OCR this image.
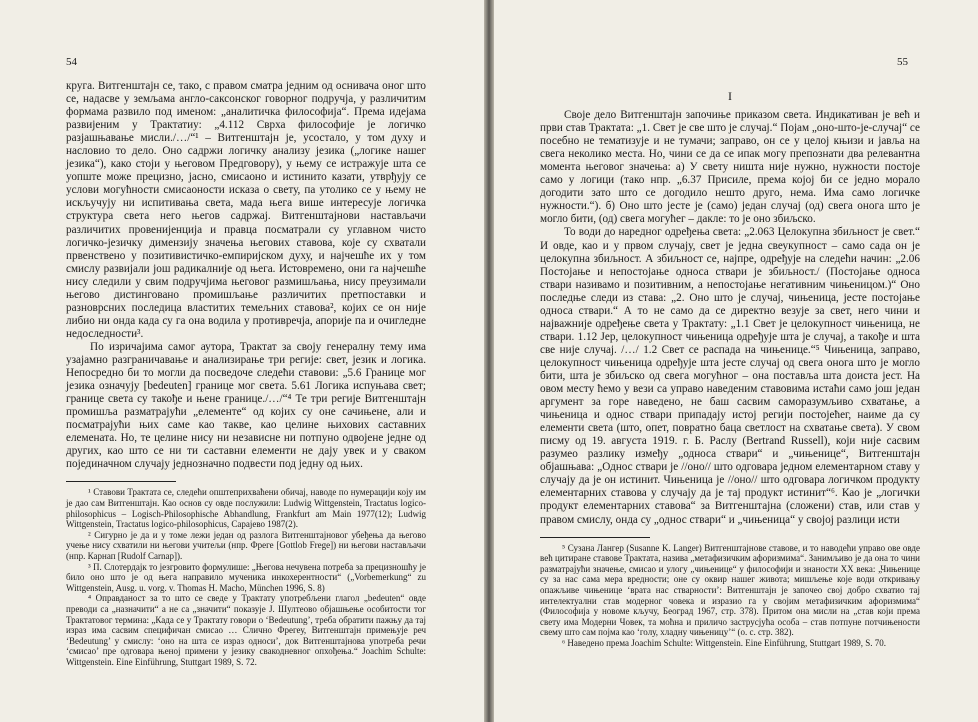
54

круга. Витгенштајн се, тако, с правом сматра једним од оснивача оног што се, надасве у земљама англо-саксонског говорног подручја, у различитим формама развило под именом: „аналитичка философија“. Према идејама развијеним у Трактатиу: „4.112 Сврха философије је логичко разјашњавање мисли./…/“¹ – Витгенштајн је, усостало, у том духу и насловио то дело. Оно садржи логичку анализу језика („логике нашег језика“), како стоји у његовом Предговору), у њему се истражује шта се уопште може прецизно, јасно, смисаоно и истинито казати, утврђују се услови могућности смисаоности исказа о свету, па утолико се у њему не искључују ни испитивања света, мада њега више интересује логичка структура света него његов садржај. Витгенштајнови настављачи различитих провенијенција и правца посматрали су углавном чисто логичко-језичку димензију значења његових ставова, које су схватали првенствено у позитивистичко-емпиријском духу, и најчешће их у том смислу развијали још радикалније од њега. Истовремено, они га најчешће нису следили у свим подручјима његовог размишљања, нису преузимали његово дистинговано промишљање различитих претпоставки и разноврсних последица властитих темељних ставова², којих се он није либио ни онда када су га она водила у противречја, апорије па и очигледне недоследности³.

По изричајима самог аутора, Трактат за своју генералну тему има узајамно разграничавање и анализирање три регије: свет, језик и логика. Непосредно би то могли да посведоче следећи ставови: „5.6 Границе мог језика означују [bedeuten] границе мог света. 5.61 Логика испуњава свет; границе света су такође и њене границе./…/“⁴ Те три регије Витгенштајн промишља разматрајући „елементе“ од којих су оне сачињене, али и посматрајући њих саме као такве, као целине њихових саставних елемената. Но, те целине нису ни независне ни потпуно одвојене једне од других, као што се ни ти саставни елементи не дају увек и у сваком појединачном случају једнозначно подвести под једну од њих.

¹ Ставови Трактата се, следећи општеприхваћени обичај, наводе по нумерацији коју им је дао сам Витгенштајн. Као основ су овде послужили: Ludwig Wittgenstein, Tractatus logico-philosophicus – Logisch-Philosophische Abhandlung, Frankfurt am Main 1977(12); Ludwig Wittgenstein, Tractatus logico-philosophicus, Сарајево 1987(2).

² Сигурно је да и у томе лежи један од разлога Витгенштајновог убеђења да његово учење нису схватили ни његови учитељи (нпр. Фреге [Gottlob Frege]) ни његови настављачи (нпр. Карнап [Rudolf Carnap]).

³ П. Слотердајк то језгровито формулише: „Његова нечувена потреба за прецизношћу је било оно што је од њега направило мученика инкохерентности“ („Vorbemerkung“ zu Wittgenstein, Ausg. u. vorg. v. Thomas H. Macho, München 1996, S. 8)

⁴ Оправданост за то што се сведе у Трактату употребљени глагол „bedeuten“ овде преводи са „назначити“ а не са „значити“ показује Ј. Шултеово објашњење особитости тог Трактатовог термина: „Када се у Трактату говори о ‘Bedeutung’, треба обратити пажњу да тај израз има сасвим специфичан смисао … Слично Фрегеу, Витгенштајн примењује реч ‘Bedeutung’ у смислу: ‘оно на шта се израз односи’, док Витгенштајнова употреба речи ‘смисао’ пре одговара њеној примени у језику свакодневног опхођења.“ Joachim Schulte: Wittgenstein. Eine Einführung, Stuttgart 1989, S. 72.

55
I

Своје дело Витгенштајн започиње приказом света. Индикативан је већ и први став Трактата: „1. Свет је све што је случај.“ Појам „оно-што-је-случај“ се посебно не тематизује и не тумачи; заправо, он се у целој књизи и јавља на свега неколико места. Но, чини се да се ипак могу препознати два релевантна момента његовог значења: а) У свету ништа није нужно, нужности постоје само у логици (тако нпр. „6.37 Присиле, према којој би се једно морало догодити зато што се догодило нешто друго, нема. Има само логичке нужности.“). б) Оно што јесте је (само) један случај (од) свега онога што је могло бити, (од) свега могућег – дакле: то је оно збиљско.

То води до наредног одређења света: „2.063 Целокупна збиљност је свет.“ И овде, као и у првом случају, свет је једна свеукупност – само сада он је целокупна збиљност. А збиљност се, најпре, одређује на следећи начин: „2.06 Постојање и непостојање односа ствари је збиљност./ (Постојање односа ствари називамо и позитивним, а непостојање негативним чињеницом.)“ Оно последње следи из става: „2. Оно што је случај, чињеница, јесте постојање односа ствари.“ А то не само да се директно везује за свет, него чини и најважније одређење света у Трактату: „1.1 Свет је целокупност чињеница, не ствари. 1.12 Јер, целокупност чињеница одређује шта је случај, а такође и шта све није случај. /…/ 1.2 Свет се распада на чињенице.“⁵ Чињеница, заправо, целокупност чињеница одређује шта јесте случај од свега онога што је могло бити, шта је збиљско од свега могућног – она поставља шта доиста јест. На овом месту ћемо у вези са управо наведеним ставовима истаћи само још један аргумент за горе наведено, не баш сасвим саморазумљиво схватање, а чињеница и однос ствари припадају истој регији постојећег, наиме да су елементи света (што, опет, повратно баца светлост на схватање света). У свом писму од 19. августа 1919. г. Б. Раслу (Bertrand Russell), који није сасвим разумео разлику између „односа ствари“ и „чињенице“, Витгенштајн објашњава: „Однос ствари је //оно// што одговара једном елементарном ставу у случају да је он истинит. Чињеница је //оно// што одговара логичком продукту елементарних ставова у случају да је тај продукт истинит“⁶. Као је „логички продукт елементарних ставова“ за Витгенштајна (сложени) став, или став у правом смислу, онда су „однос ствари“ и „чињеница“ у својој разлици исти

⁵ Сузана Лангер (Susanne K. Langer) Витгенштајнове ставове, и то наводећи управо ове овде већ цитиране ставове Трактата, назива „метафизичким афоризмима“. Занимљиво је да она то чини разматрајући значење, смисао и улогу „чињенице“ у философији и знаности XX века: „Чињенице су за нас сама мера вредности; оне су оквир нашег живота; мишљење које води откривању опажљиве чињенице ‘врата нас стварности’: Витгенштајн је започео свој добро схватио тај интелектуални став модерног човека и изразио га у својим метафизичким афоризмима“ (Философија у новоме кључу, Београд 1967, стр. 378). Притом она мисли на „став који према свету има Модерни Човек, та моћна и приличо заструсјућа особа – став потпуне потчињености свему што сам појма као ‘голу, хладну чињеницу’“ (о. с. стр. 382).

⁶ Наведено према Joachim Schulte: Wittgenstein. Eine Einführung, Stuttgart 1989, S. 70.
